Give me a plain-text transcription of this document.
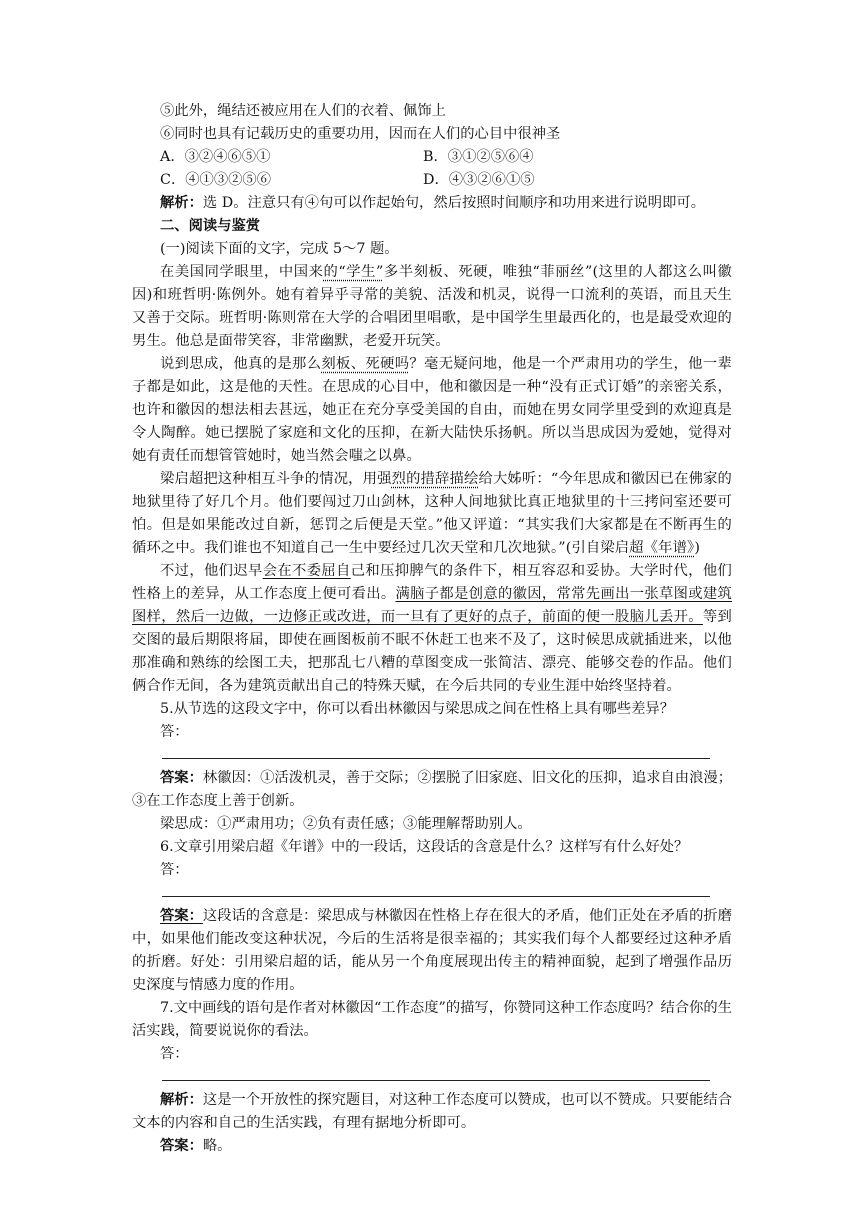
⑤此外，绳结还被应用在人们的衣着、佩饰上

⑥同时也具有记载历史的重要功用，因而在人们的心目中很神圣

A．③②④⑥⑤①	B．③①②⑤⑥④
C．④①③②⑤⑥	D．④③②⑥①⑤

解析：选 D。注意只有④句可以作起始句，然后按照时间顺序和功用来进行说明即可。

二、阅读与鉴赏

(一)阅读下面的文字，完成 5～7 题。

在美国同学眼里，中国来的“学生”多半刻板、死硬，唯独“菲丽丝”(这里的人都这么叫徽因)和班哲明·陈例外。她有着异乎寻常的美貌、活泼和机灵，说得一口流利的英语，而且天生又善于交际。班哲明·陈则常在大学的合唱团里唱歌，是中国学生里最西化的，也是最受欢迎的男生。他总是面带笑容，非常幽默，老爱开玩笑。

说到思成，他真的是那么刻板、死硬吗？毫无疑问地，他是一个严肃用功的学生，他一辈子都是如此，这是他的天性。在思成的心目中，他和徽因是一种“没有正式订婚”的亲密关系，也许和徽因的想法相去甚远，她正在充分享受美国的自由，而她在男女同学里受到的欢迎真是令人陶醉。她已摆脱了家庭和文化的压抑，在新大陆快乐扬帆。所以当思成因为爱她，觉得对她有责任而想管管她时，她当然会嗤之以鼻。

梁启超把这种相互斗争的情况，用强烈的措辞描绘给大姊听：“今年思成和徽因已在佛家的地狱里待了好几个月。他们要闯过刀山剑林，这种人间地狱比真正地狱里的十三拷问室还要可怕。但是如果能改过自新，惩罚之后便是天堂。”他又评道：“其实我们大家都是在不断再生的循环之中。我们谁也不知道自己一生中要经过几次天堂和几次地狱。”(引自梁启超《年谱》)

不过，他们迟早会在不委屈自己和压抑脾气的条件下，相互容忍和妥协。大学时代，他们性格上的差异，从工作态度上便可看出。满脑子都是创意的徽因，常常先画出一张草图或建筑图样，然后一边做，一边修正或改进，而一旦有了更好的点子，前面的便一股脑儿丢开。等到交图的最后期限将届，即使在画图板前不眠不休赶工也来不及了，这时候思成就插进来，以他那准确和熟练的绘图工夫，把那乱七八糟的草图变成一张简洁、漂亮、能够交卷的作品。他们俩合作无间，各为建筑贡献出自己的特殊天赋，在今后共同的专业生涯中始终坚持着。

5.从节选的这段文字中，你可以看出林徽因与梁思成之间在性格上具有哪些差异？

答：

答案：林徽因：①活泼机灵，善于交际；②摆脱了旧家庭、旧文化的压抑，追求自由浪漫；③在工作态度上善于创新。

梁思成：①严肃用功；②负有责任感；③能理解帮助别人。

6.文章引用梁启超《年谱》中的一段话，这段话的含意是什么？这样写有什么好处？

答：

答案：这段话的含意是：梁思成与林徽因在性格上存在很大的矛盾，他们正处在矛盾的折磨中，如果他们能改变这种状况，今后的生活将是很幸福的；其实我们每个人都要经过这种矛盾的折磨。好处：引用梁启超的话，能从另一个角度展现出传主的精神面貌，起到了增强作品历史深度与情感力度的作用。

7.文中画线的语句是作者对林徽因“工作态度”的描写，你赞同这种工作态度吗？结合你的生活实践，简要说说你的看法。

答：

解析：这是一个开放性的探究题目，对这种工作态度可以赞成，也可以不赞成。只要能结合文本的内容和自己的生活实践，有理有据地分析即可。

答案：略。
